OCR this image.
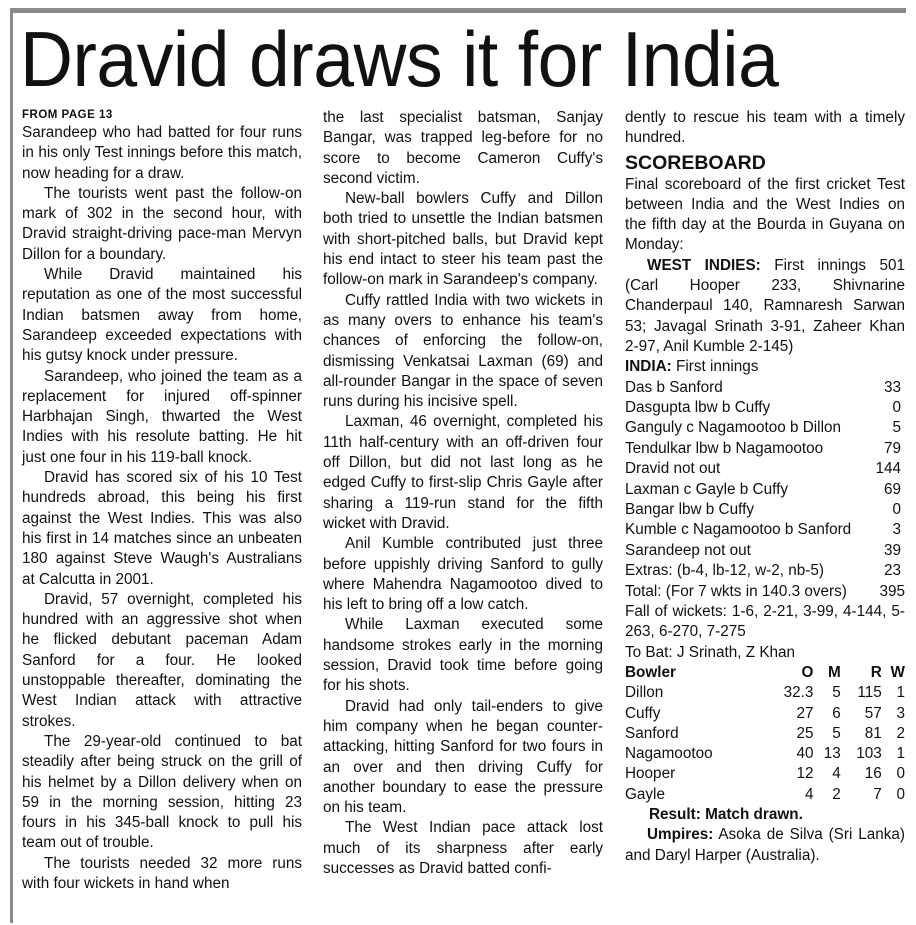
Dravid draws it for India
FROM PAGE 13

Sarandeep who had batted for four runs in his only Test innings before this match, now heading for a draw.

The tourists went past the follow-on mark of 302 in the second hour, with Dravid straight-driving pace-man Mervyn Dillon for a boundary.

While Dravid maintained his reputation as one of the most successful Indian batsmen away from home, Sarandeep exceeded expectations with his gutsy knock under pressure.

Sarandeep, who joined the team as a replacement for injured off-spinner Harbhajan Singh, thwarted the West Indies with his resolute batting. He hit just one four in his 119-ball knock.

Dravid has scored six of his 10 Test hundreds abroad, this being his first against the West Indies. This was also his first in 14 matches since an unbeaten 180 against Steve Waugh's Australians at Calcutta in 2001.

Dravid, 57 overnight, completed his hundred with an aggressive shot when he flicked debutant paceman Adam Sanford for a four. He looked unstoppable thereafter, dominating the West Indian attack with attractive strokes.

The 29-year-old continued to bat steadily after being struck on the grill of his helmet by a Dillon delivery when on 59 in the morning session, hitting 23 fours in his 345-ball knock to pull his team out of trouble.

The tourists needed 32 more runs with four wickets in hand when

the last specialist batsman, Sanjay Bangar, was trapped leg-before for no score to become Cameron Cuffy's second victim.

New-ball bowlers Cuffy and Dillon both tried to unsettle the Indian batsmen with short-pitched balls, but Dravid kept his end intact to steer his team past the follow-on mark in Sarandeep's company.

Cuffy rattled India with two wickets in as many overs to enhance his team's chances of enforcing the follow-on, dismissing Venkatsai Laxman (69) and all-rounder Bangar in the space of seven runs during his incisive spell.

Laxman, 46 overnight, completed his 11th half-century with an off-driven four off Dillon, but did not last long as he edged Cuffy to first-slip Chris Gayle after sharing a 119-run stand for the fifth wicket with Dravid.

Anil Kumble contributed just three before uppishly driving Sanford to gully where Mahendra Nagamootoo dived to his left to bring off a low catch.

While Laxman executed some handsome strokes early in the morning session, Dravid took time before going for his shots.

Dravid had only tail-enders to give him company when he began counter-attacking, hitting Sanford for two fours in an over and then driving Cuffy for another boundary to ease the pressure on his team.

The West Indian pace attack lost much of its sharpness after early successes as Dravid batted confi-

dently to rescue his team with a timely hundred.

SCOREBOARD

Final scoreboard of the first cricket Test between India and the West Indies on the fifth day at the Bourda in Guyana on Monday:

WEST INDIES: First innings 501 (Carl Hooper 233, Shivnarine Chanderpaul 140, Ramnaresh Sarwan 53; Javagal Srinath 3-91, Zaheer Khan 2-97, Anil Kumble 2-145)

INDIA: First innings

Das b Sanford	33
Dasgupta lbw b Cuffy	0
Ganguly c Nagamootoo b Dillon	5
Tendulkar lbw b Nagamootoo	79
Dravid not out	144
Laxman c Gayle b Cuffy	69
Bangar lbw b Cuffy	0
Kumble c Nagamootoo b Sanford	3
Sarandeep not out	39
Extras: (b-4, lb-12, w-2, nb-5)	23
Total: (For 7 wkts in 140.3 overs) 395

Fall of wickets: 1-6, 2-21, 3-99, 4-144, 5-263, 6-270, 7-275

To Bat: J Srinath, Z Khan

Bowler	O	M	R	W
Dillon	32.3	5	115	1
Cuffy	27	6	57	3
Sanford	25	5	81	2
Nagamootoo	40	13	103	1
Hooper	12	4	16	0
Gayle	4	2	7	0
Result: Match drawn.

Umpires: Asoka de Silva (Sri Lanka) and Daryl Harper (Australia).
